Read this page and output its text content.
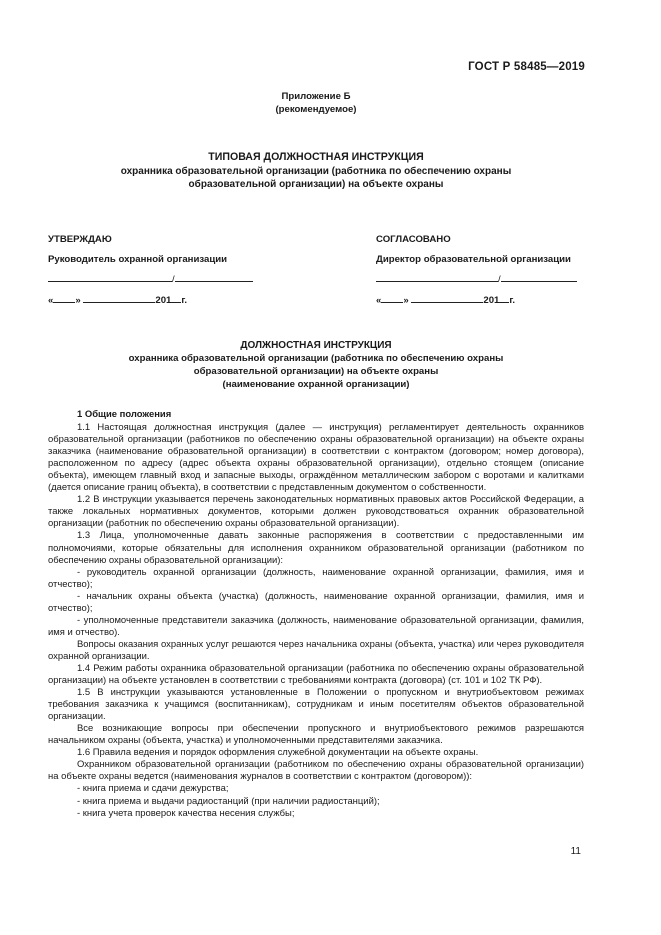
ГОСТ Р 58485—2019
Приложение Б
(рекомендуемое)
ТИПОВАЯ ДОЛЖНОСТНАЯ ИНСТРУКЦИЯ
охранника образовательной организации (работника по обеспечению охраны
образовательной организации) на объекте охраны
УТВЕРЖДАЮ
Руководитель охранной организации
/
« »	201 г.
СОГЛАСОВАНО
Директор образовательной организации
/
« »	201 г.
ДОЛЖНОСТНАЯ ИНСТРУКЦИЯ
охранника образовательной организации (работника по обеспечению охраны
образовательной организации) на объекте охраны
(наименование охранной организации)

1 Общие положения

1.1 Настоящая должностная инструкция (далее — инструкция) регламентирует деятельность охранников образовательной организации (работников по обеспечению охраны образовательной организации) на объекте охраны заказчика (наименование образовательной организации) в соответствии с контрактом (договором; номер договора), расположенном по адресу (адрес объекта охраны образовательной организации), отдельно стоящем (описание объекта), имеющем главный вход и запасные выходы, ограждённом металлическим забором с воротами и калитками (дается описание границ объекта), в соответствии с представленным документом о собственности.

1.2 В инструкции указывается перечень законодательных нормативных правовых актов Российской Федерации, а также локальных нормативных документов, которыми должен руководствоваться охранник образовательной организации (работник по обеспечению охраны образовательной организации).

1.3 Лица, уполномоченные давать законные распоряжения в соответствии с предоставленными им полномочиями, которые обязательны для исполнения охранником образовательной организации (работником по обеспечению охраны образовательной организации):

- руководитель охранной организации (должность, наименование охранной организации, фамилия, имя и отчество);

- начальник охраны объекта (участка) (должность, наименование охранной организации, фамилия, имя и отчество);

- уполномоченные представители заказчика (должность, наименование образовательной организации, фамилия, имя и отчество).

Вопросы оказания охранных услуг решаются через начальника охраны (объекта, участка) или через руководителя охранной организации.

1.4 Режим работы охранника образовательной организации (работника по обеспечению охраны образовательной организации) на объекте установлен в соответствии с требованиями контракта (договора) (ст. 101 и 102 ТК РФ).

1.5 В инструкции указываются установленные в Положении о пропускном и внутриобъектовом режимах требования заказчика к учащимся (воспитанникам), сотрудникам и иным посетителям объектов образовательной организации.

Все возникающие вопросы при обеспечении пропускного и внутриобъектового режимов разрешаются начальником охраны (объекта, участка) и уполномоченными представителями заказчика.

1.6 Правила ведения и порядок оформления служебной документации на объекте охраны.

Охранником образовательной организации (работником по обеспечению охраны образовательной организации) на объекте охраны ведется (наименования журналов в соответствии с контрактом (договором)):

- книга приема и сдачи дежурства;

- книга приема и выдачи радиостанций (при наличии радиостанций);

- книга учета проверок качества несения службы;

11
